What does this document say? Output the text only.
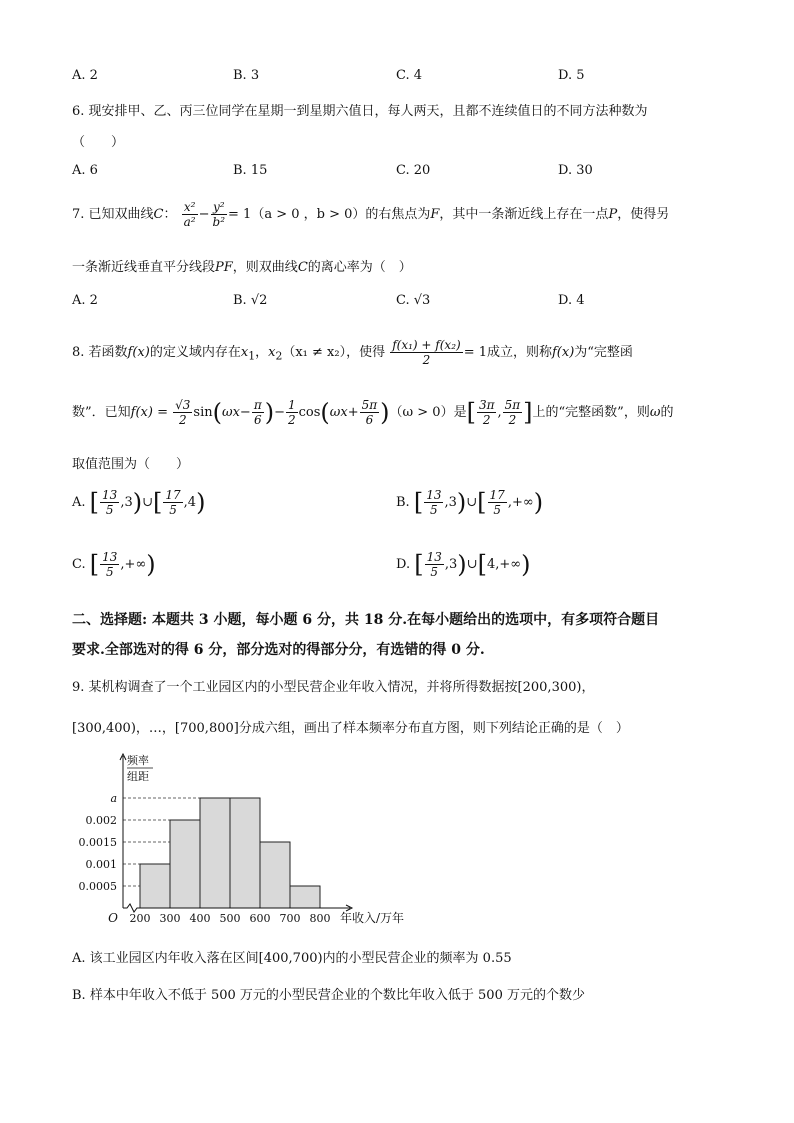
A. 2	B. 3	C. 4	D. 5
6. 现安排甲、乙、丙三位同学在星期一到星期六值日，每人两天，且都不连续值日的不同方法种数为
（　　）
A. 6	B. 15	C. 20	D. 30
7. 已知双曲线C： $\frac{\text{x²}}{\text{a²}} - \frac{\text{y²}}{\text{b²}} = 1(a > 0$ ，b > 0）的右焦点为F，其中一条渐近线上存在一点P，使得另
一条渐近线垂直平分线段PF，则双曲线C的离心率为（　）
A. 2	B. √2	C. √3	D. 4
8. 若函数f(x)的定义域内存在$x_1$，$x_2(x_1 \ne x_2)$，使得 $\frac{\text{f(x₁) + f(x₂)}}{2} = 1$成立，则称f(x)为“完整函
数”．已知$f(x) = \frac{√3}{2} \sin(\omega x- \frac{\pi}{6}$ )− $\frac{1}{2} \cos(\omega x+ \frac{5\pi}{6} )(\omega > 0)$是[ $\frac{3\pi}{2}$ , $\frac{5\pi}{2}$ ]上的“完整函数”，则ω的
取值范围为（　　）
A. [ $\frac{13}{5}$ ,3)∪[ $\frac{17}{5} ,4$)	B. [ $\frac{13}{5}$ ,3)∪[ $\frac{17}{5}$ ,+∞)
C. [ $\frac{13}{5}$ ,+∞)	D. [ $\frac{13}{5}$ ,3)∪[4,+∞)
二、选择题: 本题共 3 小题，每小题 6 分，共 18 分.在每小题给出的选项中，有多项符合题目
要求.全部选对的得 6 分，部分选对的得部分分，有选错的得 0 分.
9. 某机构调查了一个工业园区内的小型民营企业年收入情况，并将所得数据按[200,300)，
[300,400)，…，[700,800]分成六组，画出了样本频率分布直方图，则下列结论正确的是（　）
0.0005
0.001
0.0015
0.002
a
200 300 400 500 600 700 800
O	年收入/万年
频率
组距
A. 该工业园区内年收入落在区间[400,700)内的小型民营企业的频率为 0.55
B. 样本中年收入不低于 500 万元的小型民营企业的个数比年收入低于 500 万元的个数少
